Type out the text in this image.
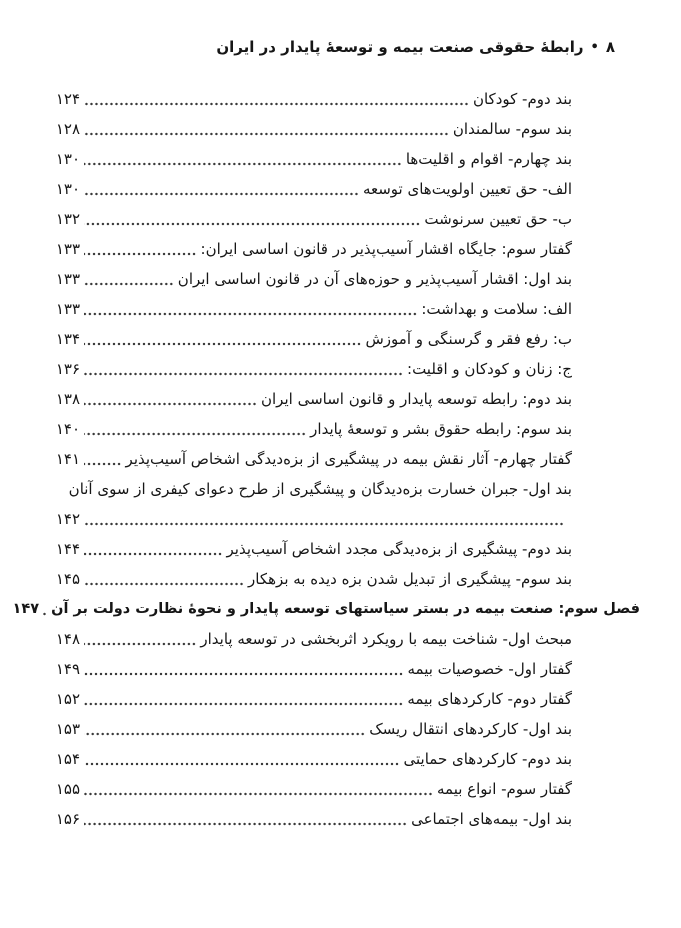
۸•رابطهٔ حقوقی صنعت بیمه و توسعهٔ پایدار در ایران
بند دوم- کودکان
۱۲۴
بند سوم- سالمندان
۱۲۸
بند چهارم- اقوام و اقلیت‌ها
۱۳۰
الف- حق تعیین اولویت‌های توسعه
۱۳۰
ب- حق تعیین سرنوشت
۱۳۲
گفتار سوم: جایگاه اقشار آسیب‌پذیر در قانون اساسی ایران:
۱۳۳
بند اول: اقشار آسیب‌پذیر و حوزه‌های آن در قانون اساسی ایران
۱۳۳
الف: سلامت و بهداشت:
۱۳۳
ب: رفع فقر و گرسنگی و آموزش
۱۳۴
ج: زنان و کودکان و اقلیت:
۱۳۶
بند دوم: رابطه توسعه پایدار و قانون اساسی ایران
۱۳۸
بند سوم: رابطه حقوق بشر و توسعهٔ پایدار
۱۴۰
گفتار چهارم- آثار نقش بیمه در پیشگیری از بزه‌دیدگی اشخاص آسیب‌پذیر
۱۴۱
بند اول- جبران خسارت بزه‌دیدگان و پیشگیری از طرح دعوای کیفری از سوی آنان
۱۴۲
بند دوم- پیشگیری از بزه‌دیدگی مجدد اشخاص آسیب‌پذیر
۱۴۴
بند سوم- پیشگیری از تبدیل شدن بزه دیده به بزهکار
۱۴۵
فصل سوم: صنعت بیمه در بستر سیاستهای توسعه پایدار و نحوهٔ نظارت دولت بر آن
۱۴۷
مبحث اول- شناخت بیمه با رویکرد اثربخشی در توسعه پایدار
۱۴۸
گفتار اول- خصوصیات بیمه
۱۴۹
گفتار دوم- کارکردهای بیمه
۱۵۲
بند اول- کارکردهای انتقال ریسک
۱۵۳
بند دوم- کارکردهای حمایتی
۱۵۴
گفتار سوم- انواع بیمه
۱۵۵
بند اول- بیمه‌های اجتماعی
۱۵۶
